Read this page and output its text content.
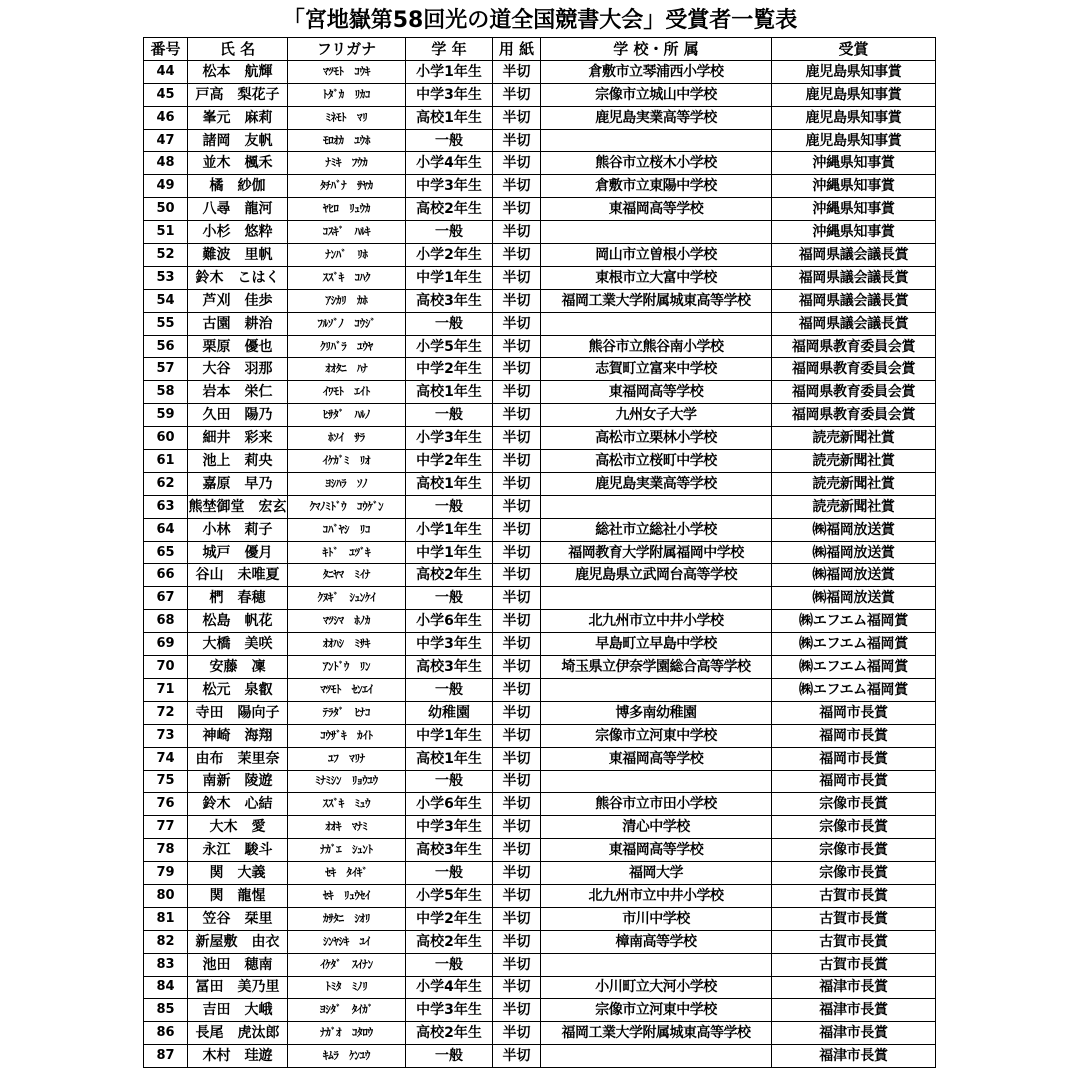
「宮地嶽第58回光の道全国競書大会」受賞者一覧表
番号	氏 名	フリガナ	学 年	用 紙	学 校・所 属	受賞
44	松本　航輝	ﾏﾂﾓﾄ　ｺｳｷ	小学1年生	半切	倉敷市立琴浦西小学校	鹿児島県知事賞
45	戸高　梨花子	ﾄﾀﾞｶ　ﾘｶｺ	中学3年生	半切	宗像市立城山中学校	鹿児島県知事賞
46	峯元　麻莉	ﾐﾈﾓﾄ　ﾏﾘ	高校1年生	半切	鹿児島実業高等学校	鹿児島県知事賞
47	諸岡　友帆	ﾓﾛｵｶ　ﾕｳﾎ	一般	半切		鹿児島県知事賞
48	並木　楓禾	ﾅﾐｷ　ﾌｳｶ	小学4年生	半切	熊谷市立桜木小学校	沖縄県知事賞
49	橘　紗伽	ﾀﾁﾊﾞﾅ　ｻﾔｶ	中学3年生	半切	倉敷市立東陽中学校	沖縄県知事賞
50	八尋　龍河	ﾔﾋﾛ　ﾘｭｳｶ	高校2年生	半切	東福岡高等学校	沖縄県知事賞
51	小杉　悠粋	ｺｽｷﾞ　ﾊﾙｷ	一般	半切		沖縄県知事賞
52	難波　里帆	ﾅﾝﾊﾞ　ﾘﾎ	小学2年生	半切	岡山市立曽根小学校	福岡県議会議長賞
53	鈴木　こはく	ｽｽﾞｷ　ｺﾊｸ	中学1年生	半切	東根市立大富中学校	福岡県議会議長賞
54	芦刈　佳歩	ｱｼｶﾘ　ｶﾎ	高校3年生	半切	福岡工業大学附属城東高等学校	福岡県議会議長賞
55	古園　耕治	ﾌﾙｿﾞﾉ　ｺｳｼﾞ	一般	半切		福岡県議会議長賞
56	栗原　優也	ｸﾘﾊﾞﾗ　ﾕｳﾔ	小学5年生	半切	熊谷市立熊谷南小学校	福岡県教育委員会賞
57	大谷　羽那	ｵｵﾀﾆ　ﾊﾅ	中学2年生	半切	志賀町立富来中学校	福岡県教育委員会賞
58	岩本　栄仁	ｲﾜﾓﾄ　ｴｲﾄ	高校1年生	半切	東福岡高等学校	福岡県教育委員会賞
59	久田　陽乃	ﾋｻﾀﾞ　ﾊﾙﾉ	一般	半切	九州女子大学	福岡県教育委員会賞
60	細井　彩来	ﾎｿｲ　ｻﾗ	小学3年生	半切	高松市立栗林小学校	読売新聞社賞
61	池上　莉央	ｲｹｶﾞﾐ　ﾘｵ	中学2年生	半切	高松市立桜町中学校	読売新聞社賞
62	嘉原　早乃	ﾖｼﾊﾗ　ｿﾉ	高校1年生	半切	鹿児島実業高等学校	読売新聞社賞
63	熊埜御堂　宏玄	ｸﾏﾉﾐﾄﾞｳ　ｺｳｹﾞﾝ	一般	半切		読売新聞社賞
64	小林　莉子	ｺﾊﾞﾔｼ　ﾘｺ	小学1年生	半切	総社市立総社小学校	㈱福岡放送賞
65	城戸　優月	ｷﾄﾞ　ﾕﾂﾞｷ	中学1年生	半切	福岡教育大学附属福岡中学校	㈱福岡放送賞
66	谷山　未唯夏	ﾀﾆﾔﾏ　ﾐｲﾅ	高校2年生	半切	鹿児島県立武岡台高等学校	㈱福岡放送賞
67	椚　春穂	ｸﾇｷﾞ　ｼｭﾝｹｲ	一般	半切		㈱福岡放送賞
68	松島　帆花	ﾏﾂｼﾏ　ﾎﾉｶ	小学6年生	半切	北九州市立中井小学校	㈱エフエム福岡賞
69	大橋　美咲	ｵｵﾊｼ　ﾐｻｷ	中学3年生	半切	早島町立早島中学校	㈱エフエム福岡賞
70	安藤　凜	ｱﾝﾄﾞｳ　ﾘﾝ	高校3年生	半切	埼玉県立伊奈学園総合高等学校	㈱エフエム福岡賞
71	松元　泉叡	ﾏﾂﾓﾄ　ｾﾝｴｲ	一般	半切		㈱エフエム福岡賞
72	寺田　陽向子	ﾃﾗﾀﾞ　ﾋﾅｺ	幼稚園	半切	博多南幼稚園	福岡市長賞
73	神崎　海翔	ｺｳｻﾞｷ　ｶｲﾄ	中学1年生	半切	宗像市立河東中学校	福岡市長賞
74	由布　茉里奈	ﾕﾌ　ﾏﾘﾅ	高校1年生	半切	東福岡高等学校	福岡市長賞
75	南新　陵遊	ﾐﾅﾐｼﾝ　ﾘｮｳﾕｳ	一般	半切		福岡市長賞
76	鈴木　心結	ｽｽﾞｷ　ﾐｭｳ	小学6年生	半切	熊谷市立市田小学校	宗像市長賞
77	大木　愛	ｵｵｷ　ﾏﾅﾐ	中学3年生	半切	清心中学校	宗像市長賞
78	永江　駿斗	ﾅｶﾞｴ　ｼｭﾝﾄ	高校3年生	半切	東福岡高等学校	宗像市長賞
79	関　大義	ｾｷ　ﾀｲｷﾞ	一般	半切	福岡大学	宗像市長賞
80	関　龍惺	ｾｷ　ﾘｭｳｾｲ	小学5年生	半切	北九州市立中井小学校	古賀市長賞
81	笠谷　栞里	ｶｻﾀﾆ　ｼｵﾘ	中学2年生	半切	市川中学校	古賀市長賞
82	新屋敷　由衣	ｼﾝﾔｼｷ　ﾕｲ	高校2年生	半切	樟南高等学校	古賀市長賞
83	池田　穂南	ｲｹﾀﾞ　ｽｲﾅﾝ	一般	半切		古賀市長賞
84	冨田　美乃里	ﾄﾐﾀ　ﾐﾉﾘ	小学4年生	半切	小川町立大河小学校	福津市長賞
85	吉田　大峨	ﾖｼﾀﾞ　ﾀｲｶﾞ	中学3年生	半切	宗像市立河東中学校	福津市長賞
86	長尾　虎汰郎	ﾅｶﾞｵ　ｺﾀﾛｳ	高校2年生	半切	福岡工業大学附属城東高等学校	福津市長賞
87	木村　珪遊	ｷﾑﾗ　ｹﾝﾕｳ	一般	半切		福津市長賞
